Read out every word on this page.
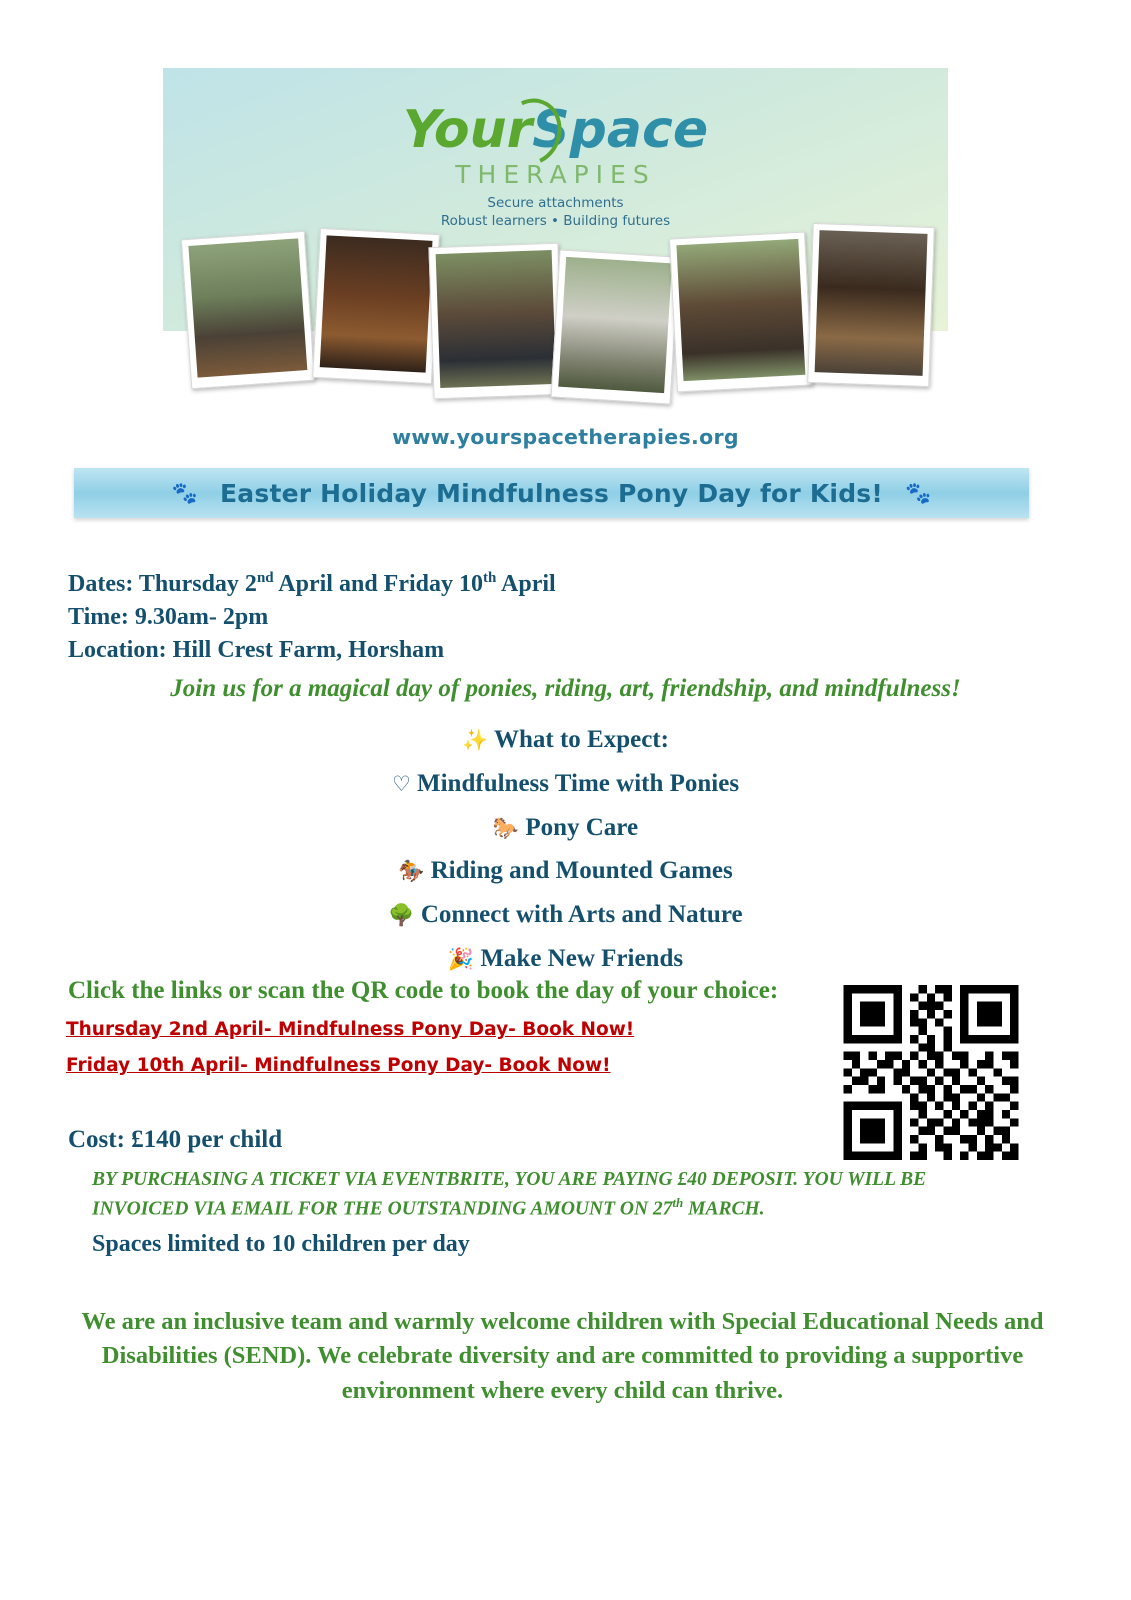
YourSpace
THERAPIES
Secure attachments
Robust learners • Building futures
www.yourspacetherapies.org
🐾 Easter Holiday Mindfulness Pony Day for Kids! 🐾
Dates: Thursday 2nd April and Friday 10th April
Time: 9.30am- 2pm
Location: Hill Crest Farm, Horsham
Join us for a magical day of ponies, riding, art, friendship, and mindfulness!
✨ What to Expect:
♡ Mindfulness Time with Ponies
🐎 Pony Care
🏇 Riding and Mounted Games
🌳 Connect with Arts and Nature
🎉 Make New Friends
Click the links or scan the QR code to book the day of your choice:
Thursday 2nd April- Mindfulness Pony Day- Book Now!
Friday 10th April- Mindfulness Pony Day- Book Now!
Cost: £140 per child
BY PURCHASING A TICKET VIA EVENTBRITE, YOU ARE PAYING £40 DEPOSIT. YOU WILL BE INVOICED VIA EMAIL FOR THE OUTSTANDING AMOUNT ON 27th MARCH.
Spaces limited to 10 children per day
We are an inclusive team and warmly welcome children with Special Educational Needs and Disabilities (SEND). We celebrate diversity and are committed to providing a supportive environment where every child can thrive.
